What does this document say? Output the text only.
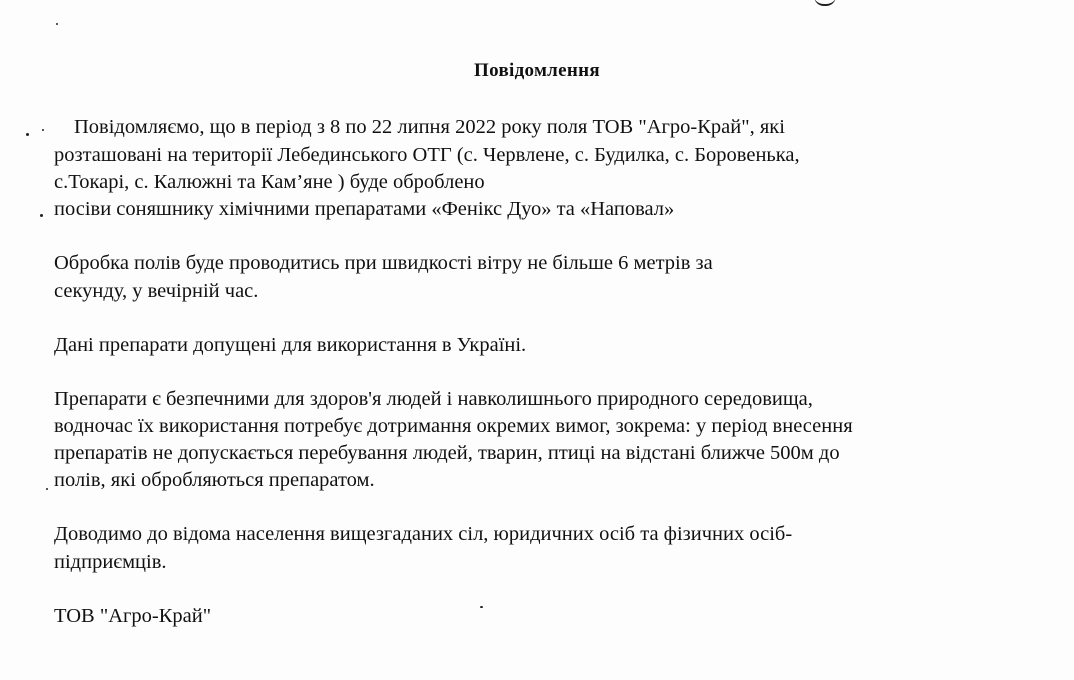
Повідомлення
Повідомляємо, що в період з 8 по 22 липня 2022 року поля ТОВ "Агро-Край", які
розташовані на території Лебединського ОТГ (с. Червлене, с. Будилка, с. Боровенька,
с.Токарі, с. Калюжні та Кам’яне ) буде оброблено
посіви соняшнику хімічними препаратами «Фенікс Дуо» та «Наповал»
Обробка полів буде проводитись при швидкості вітру не більше 6 метрів за
секунду, у вечірній час.
Дані препарати допущені для використання в Україні.
Препарати є безпечними для здоров'я людей і навколишнього природного середовища,
водночас їх використання потребує дотримання окремих вимог, зокрема: у період внесення
препаратів не допускається перебування людей, тварин, птиці на відстані ближче 500м до
полів, які обробляються препаратом.
Доводимо до відома населення вищезгаданих сіл, юридичних осіб та фізичних осіб-
підприємців.
ТОВ "Агро-Край"
